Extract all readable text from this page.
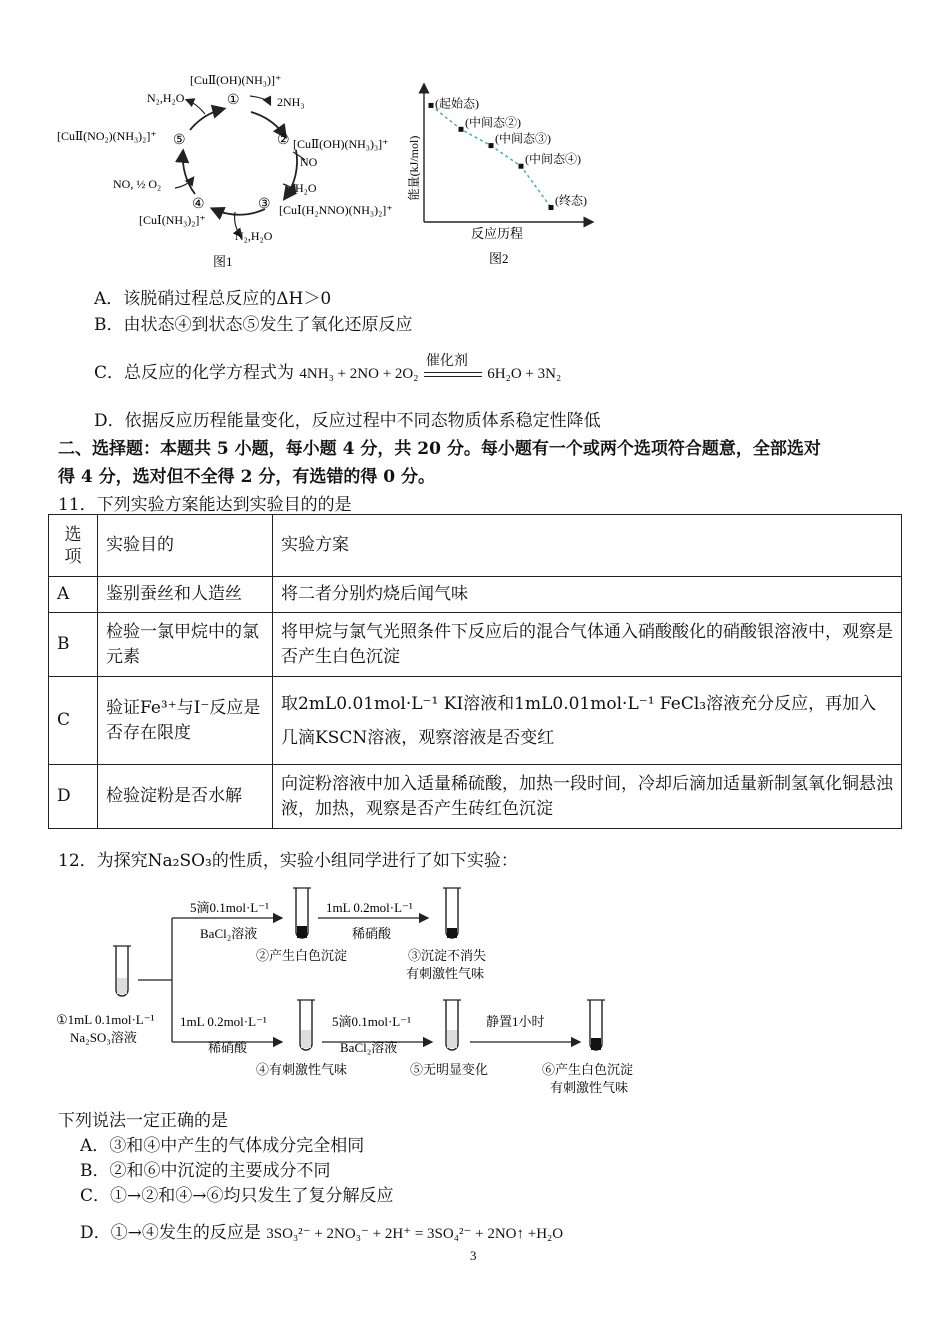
①
②
③
④
⑤
[CuⅡ(OH)(NH₃)]⁺
[CuⅡ(OH)(NH₃)₃]⁺
[CuⅠ(H₂NNO)(NH₃)₂]⁺
[CuⅠ(NH₃)₂]⁺
[CuⅡ(NO₂)(NH₃)₂]⁺
2NH₃
NO
H₂O
N₂,H₂O
NO, ½ O₂
N₂,H₂O
图1
能量(kJ/mol)
反应历程
(起始态)
(中间态②)
(中间态③)
(中间态④)
(终态)
图2
A．该脱硝过程总反应的ΔH＞0
B．由状态④到状态⑤发生了氧化还原反应
C．总反应的化学方程式为 4NH₃ + 2NO + 2O₂
催化剂
6H₂O + 3N₂
D．依据反应历程能量变化，反应过程中不同态物质体系稳定性降低
二、选择题：本题共 5 小题，每小题 4 分，共 20 分。每小题有一个或两个选项符合题意，全部选对
得 4 分，选对但不全得 2 分，有选错的得 0 分。
11．下列实验方案能达到实验目的的是
选项	实验目的	实验方案
A	鉴别蚕丝和人造丝	将二者分别灼烧后闻气味
B	检验一氯甲烷中的氯元素	将甲烷与氯气光照条件下反应后的混合气体通入硝酸酸化的硝酸银溶液中，观察是否产生白色沉淀
C	验证Fe³⁺与I⁻反应是否存在限度	取2mL0.01mol·L⁻¹ KI溶液和1mL0.01mol·L⁻¹ FeCl₃溶液充分反应，再加入几滴KSCN溶液，观察溶液是否变红
D	检验淀粉是否水解	向淀粉溶液中加入适量稀硫酸，加热一段时间，冷却后滴加适量新制氢氧化铜悬浊液，加热，观察是否产生砖红色沉淀
12．为探究Na₂SO₃的性质，实验小组同学进行了如下实验：
5滴0.1mol·L⁻¹
BaCl₂溶液
②产生白色沉淀
1mL 0.2mol·L⁻¹
稀硝酸
③沉淀不消失
有刺激性气味
1mL 0.2mol·L⁻¹
稀硝酸
④有刺激性气味
5滴0.1mol·L⁻¹
BaCl₂溶液
⑤无明显变化
静置1小时
⑥产生白色沉淀
有刺激性气味
①1mL 0.1mol·L⁻¹
Na₂SO₃溶液
下列说法一定正确的是
A．③和④中产生的气体成分完全相同
B．②和⑥中沉淀的主要成分不同
C．①→②和④→⑥均只发生了复分解反应
D．①→④发生的反应是 3SO₃²⁻ + 2NO₃⁻ + 2H⁺ = 3SO₄²⁻ + 2NO↑ +H₂O
3
